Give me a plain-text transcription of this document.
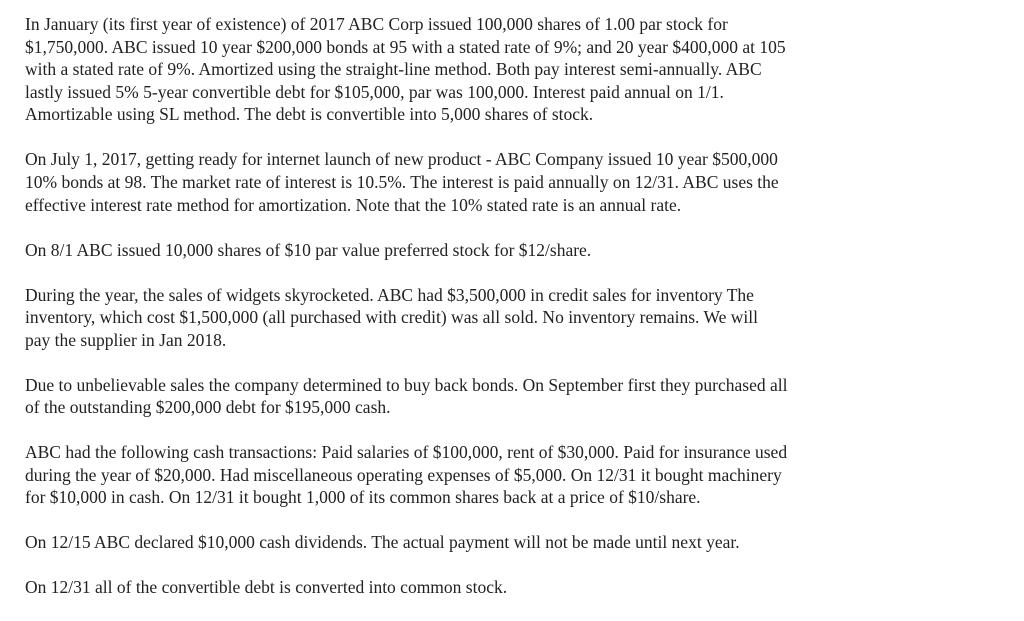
In January (its first year of existence) of 2017 ABC Corp issued 100,000 shares of 1.00 par stock for
$1,750,000. ABC issued 10 year $200,000 bonds at 95 with a stated rate of 9%; and 20 year $400,000 at 105
with a stated rate of 9%. Amortized using the straight-line method. Both pay interest semi-annually. ABC
lastly issued 5% 5-year convertible debt for $105,000, par was 100,000. Interest paid annual on 1/1.
Amortizable using SL method. The debt is convertible into 5,000 shares of stock.

On July 1, 2017, getting ready for internet launch of new product - ABC Company issued 10 year $500,000
10% bonds at 98. The market rate of interest is 10.5%. The interest is paid annually on 12/31. ABC uses the
effective interest rate method for amortization. Note that the 10% stated rate is an annual rate.

On 8/1 ABC issued 10,000 shares of $10 par value preferred stock for $12/share.

During the year, the sales of widgets skyrocketed. ABC had $3,500,000 in credit sales for inventory The
inventory, which cost $1,500,000 (all purchased with credit) was all sold. No inventory remains. We will
pay the supplier in Jan 2018.

Due to unbelievable sales the company determined to buy back bonds. On September first they purchased all
of the outstanding $200,000 debt for $195,000 cash.

ABC had the following cash transactions: Paid salaries of $100,000, rent of $30,000. Paid for insurance used
during the year of $20,000. Had miscellaneous operating expenses of $5,000. On 12/31 it bought machinery
for $10,000 in cash. On 12/31 it bought 1,000 of its common shares back at a price of $10/share.

On 12/15 ABC declared $10,000 cash dividends. The actual payment will not be made until next year.

On 12/31 all of the convertible debt is converted into common stock.
